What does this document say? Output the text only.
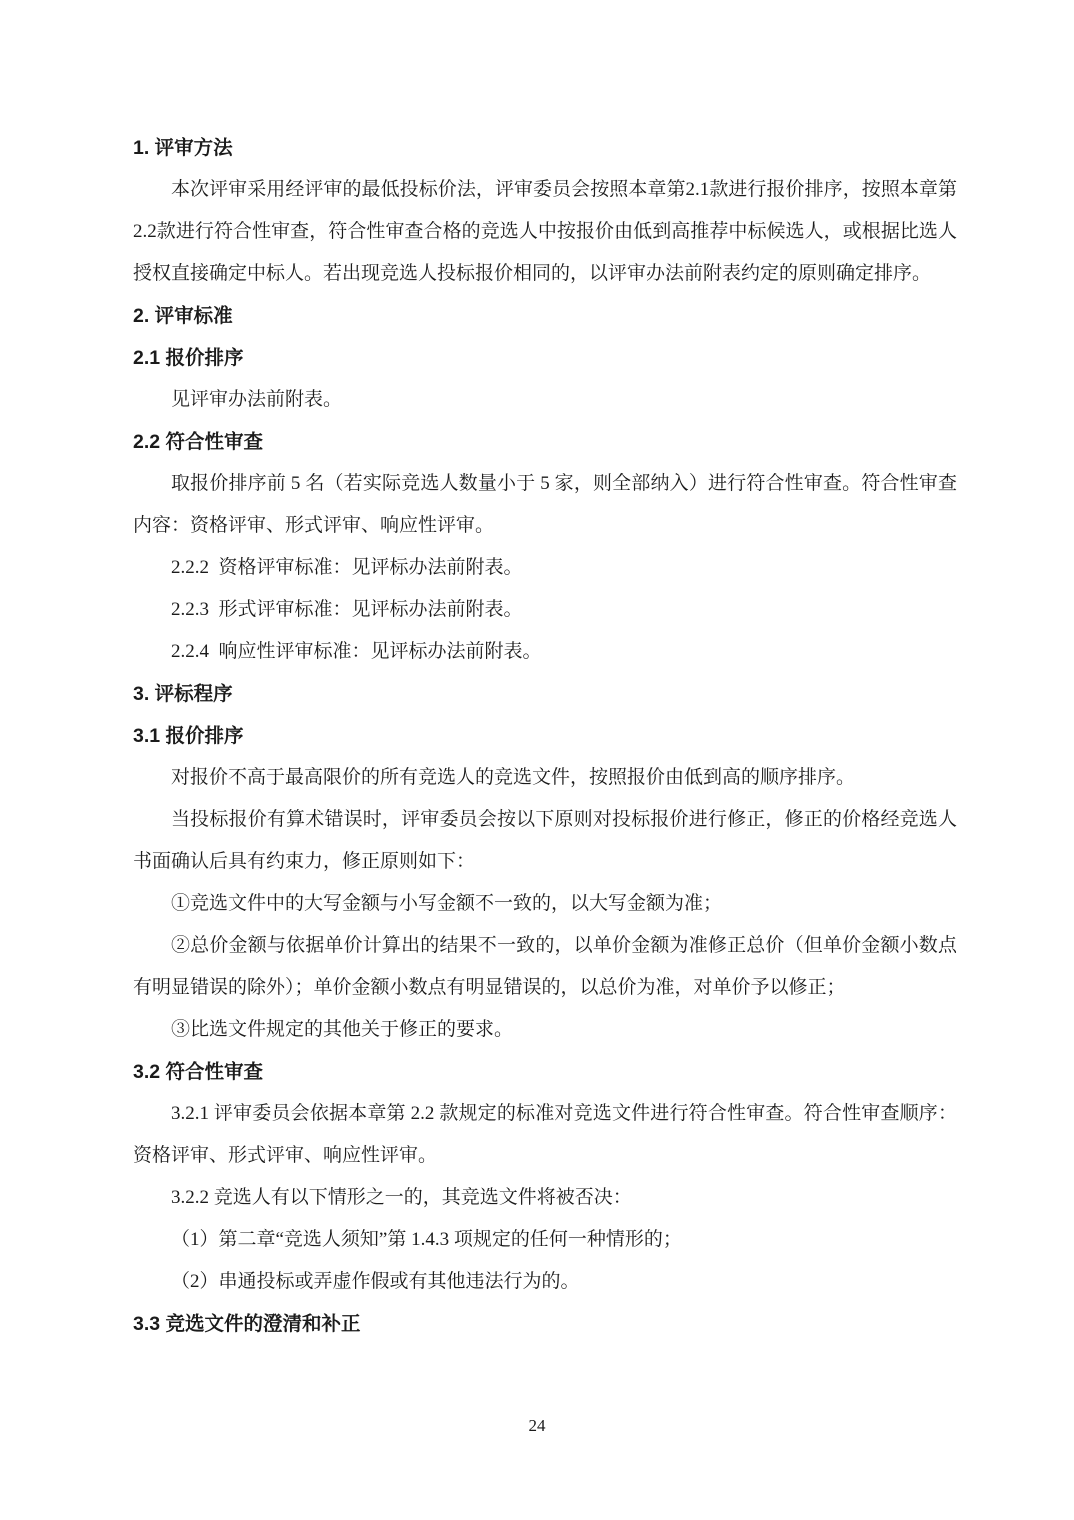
1. 评审方法
本次评审采用经评审的最低投标价法，评审委员会按照本章第2.1款进行报价排序，按照本章第2.2款进行符合性审查，符合性审查合格的竞选人中按报价由低到高推荐中标候选人，或根据比选人授权直接确定中标人。若出现竞选人投标报价相同的，以评审办法前附表约定的原则确定排序。
2. 评审标准
2.1 报价排序
见评审办法前附表。
2.2 符合性审查
取报价排序前 5 名（若实际竞选人数量小于 5 家，则全部纳入）进行符合性审查。符合性审查内容：资格评审、形式评审、响应性评审。
2.2.2  资格评审标准：见评标办法前附表。
2.2.3  形式评审标准：见评标办法前附表。
2.2.4  响应性评审标准：见评标办法前附表。
3. 评标程序
3.1 报价排序
对报价不高于最高限价的所有竞选人的竞选文件，按照报价由低到高的顺序排序。
当投标报价有算术错误时，评审委员会按以下原则对投标报价进行修正，修正的价格经竞选人书面确认后具有约束力，修正原则如下：
①竞选文件中的大写金额与小写金额不一致的，以大写金额为准；
②总价金额与依据单价计算出的结果不一致的，以单价金额为准修正总价（但单价金额小数点有明显错误的除外）；单价金额小数点有明显错误的，以总价为准，对单价予以修正；
③比选文件规定的其他关于修正的要求。
3.2 符合性审查
3.2.1 评审委员会依据本章第 2.2 款规定的标准对竞选文件进行符合性审查。符合性审查顺序：资格评审、形式评审、响应性评审。
3.2.2 竞选人有以下情形之一的，其竞选文件将被否决：
（1）第二章“竞选人须知”第 1.4.3 项规定的任何一种情形的；
（2）串通投标或弄虚作假或有其他违法行为的。
3.3 竞选文件的澄清和补正
24
